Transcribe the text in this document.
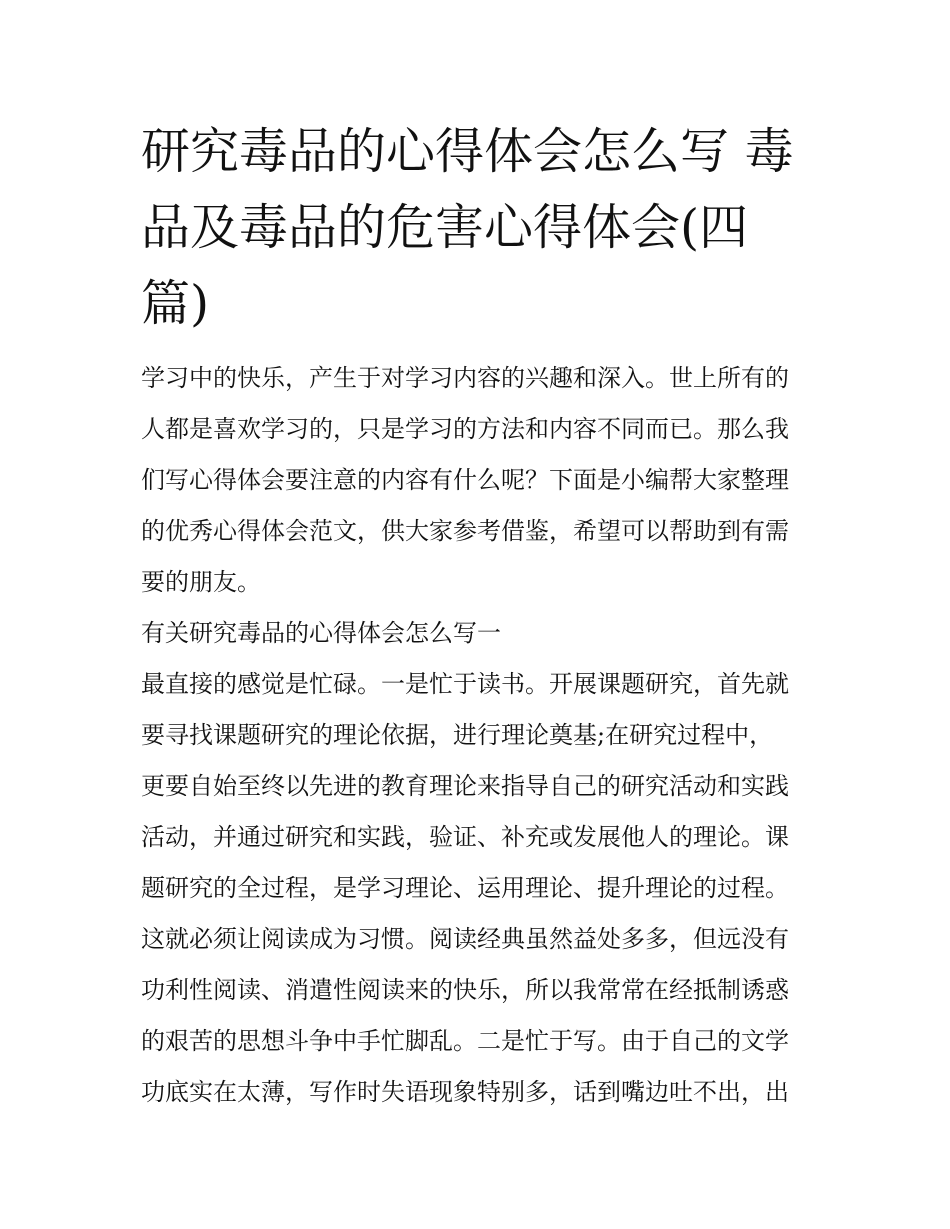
研究毒品的心得体会怎么写 毒
品及毒品的危害心得体会(四
篇)
学习中的快乐，产生于对学习内容的兴趣和深入。世上所有的
人都是喜欢学习的，只是学习的方法和内容不同而已。那么我
们写心得体会要注意的内容有什么呢？下面是小编帮大家整理
的优秀心得体会范文，供大家参考借鉴，希望可以帮助到有需
要的朋友。
有关研究毒品的心得体会怎么写一
最直接的感觉是忙碌。一是忙于读书。开展课题研究，首先就
要寻找课题研究的理论依据，进行理论奠基;在研究过程中，
更要自始至终以先进的教育理论来指导自己的研究活动和实践
活动，并通过研究和实践，验证、补充或发展他人的理论。课
题研究的全过程，是学习理论、运用理论、提升理论的过程。
这就必须让阅读成为习惯。阅读经典虽然益处多多，但远没有
功利性阅读、消遣性阅读来的快乐，所以我常常在经抵制诱惑
的艰苦的思想斗争中手忙脚乱。二是忙于写。由于自己的文学
功底实在太薄，写作时失语现象特别多，话到嘴边吐不出，出
